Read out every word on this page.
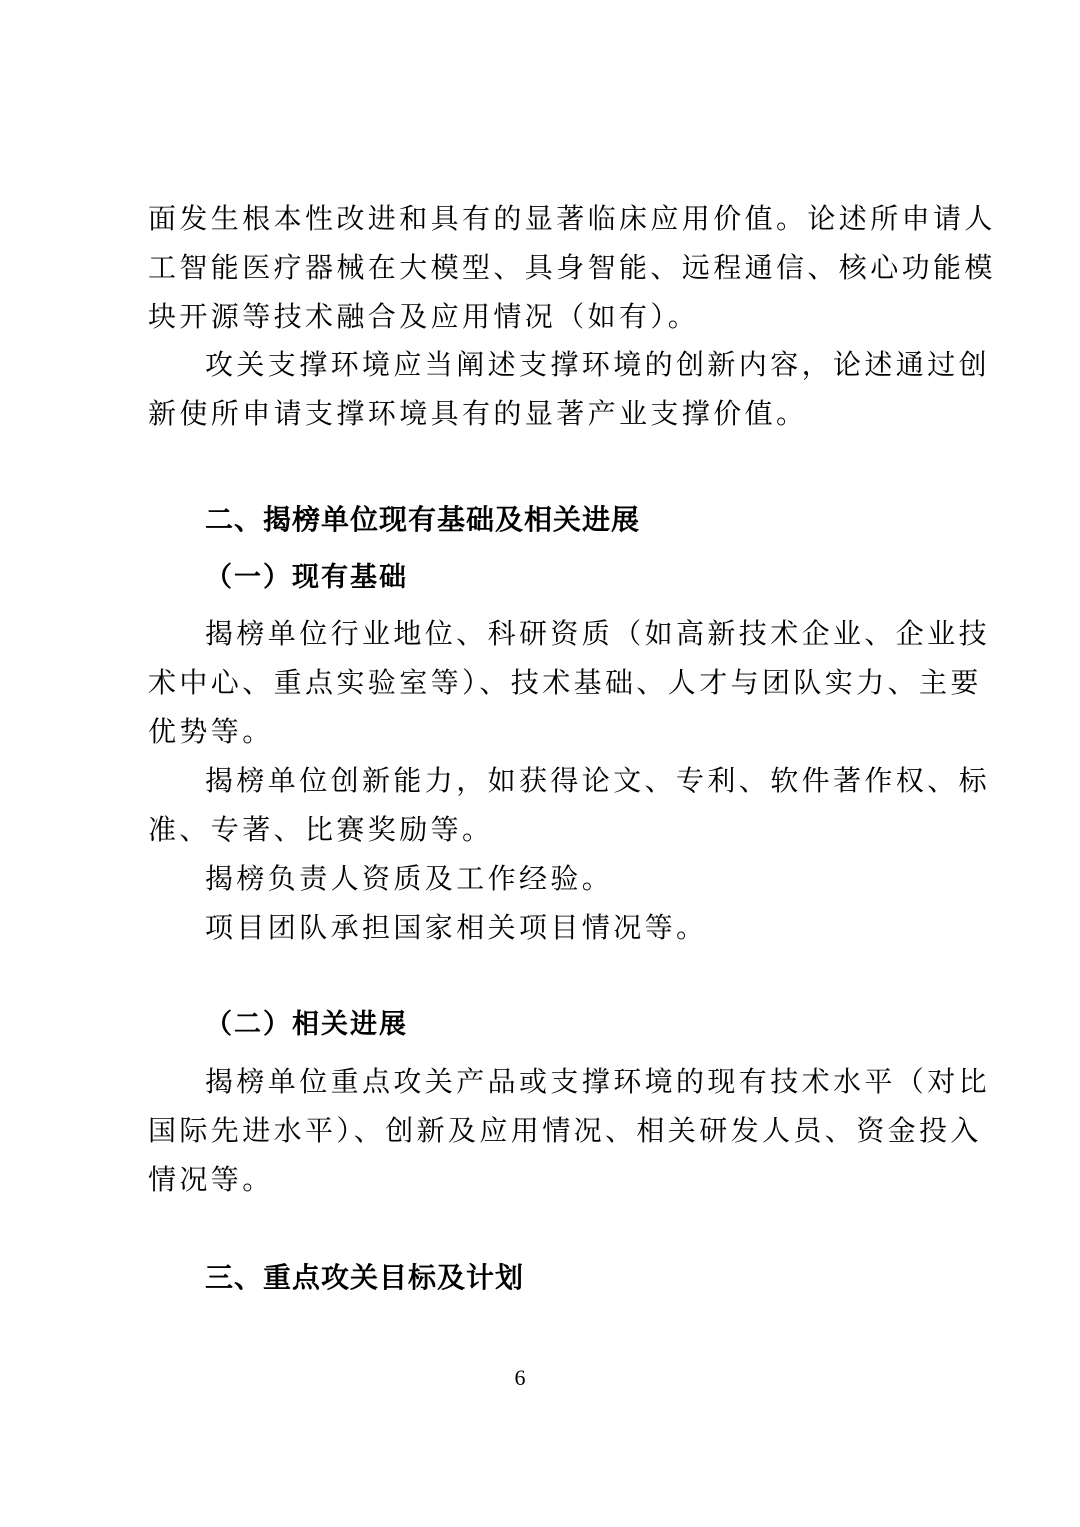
面发生根本性改进和具有的显著临床应用价值。论述所申请人
工智能医疗器械在大模型、具身智能、远程通信、核心功能模
块开源等技术融合及应用情况（如有）。
攻关支撑环境应当阐述支撑环境的创新内容，论述通过创
新使所申请支撑环境具有的显著产业支撑价值。
二、揭榜单位现有基础及相关进展
（一）现有基础
揭榜单位行业地位、科研资质（如高新技术企业、企业技
术中心、重点实验室等）、技术基础、人才与团队实力、主要
优势等。
揭榜单位创新能力，如获得论文、专利、软件著作权、标
准、专著、比赛奖励等。
揭榜负责人资质及工作经验。
项目团队承担国家相关项目情况等。
（二）相关进展
揭榜单位重点攻关产品或支撑环境的现有技术水平（对比
国际先进水平）、创新及应用情况、相关研发人员、资金投入
情况等。
三、重点攻关目标及计划
6
